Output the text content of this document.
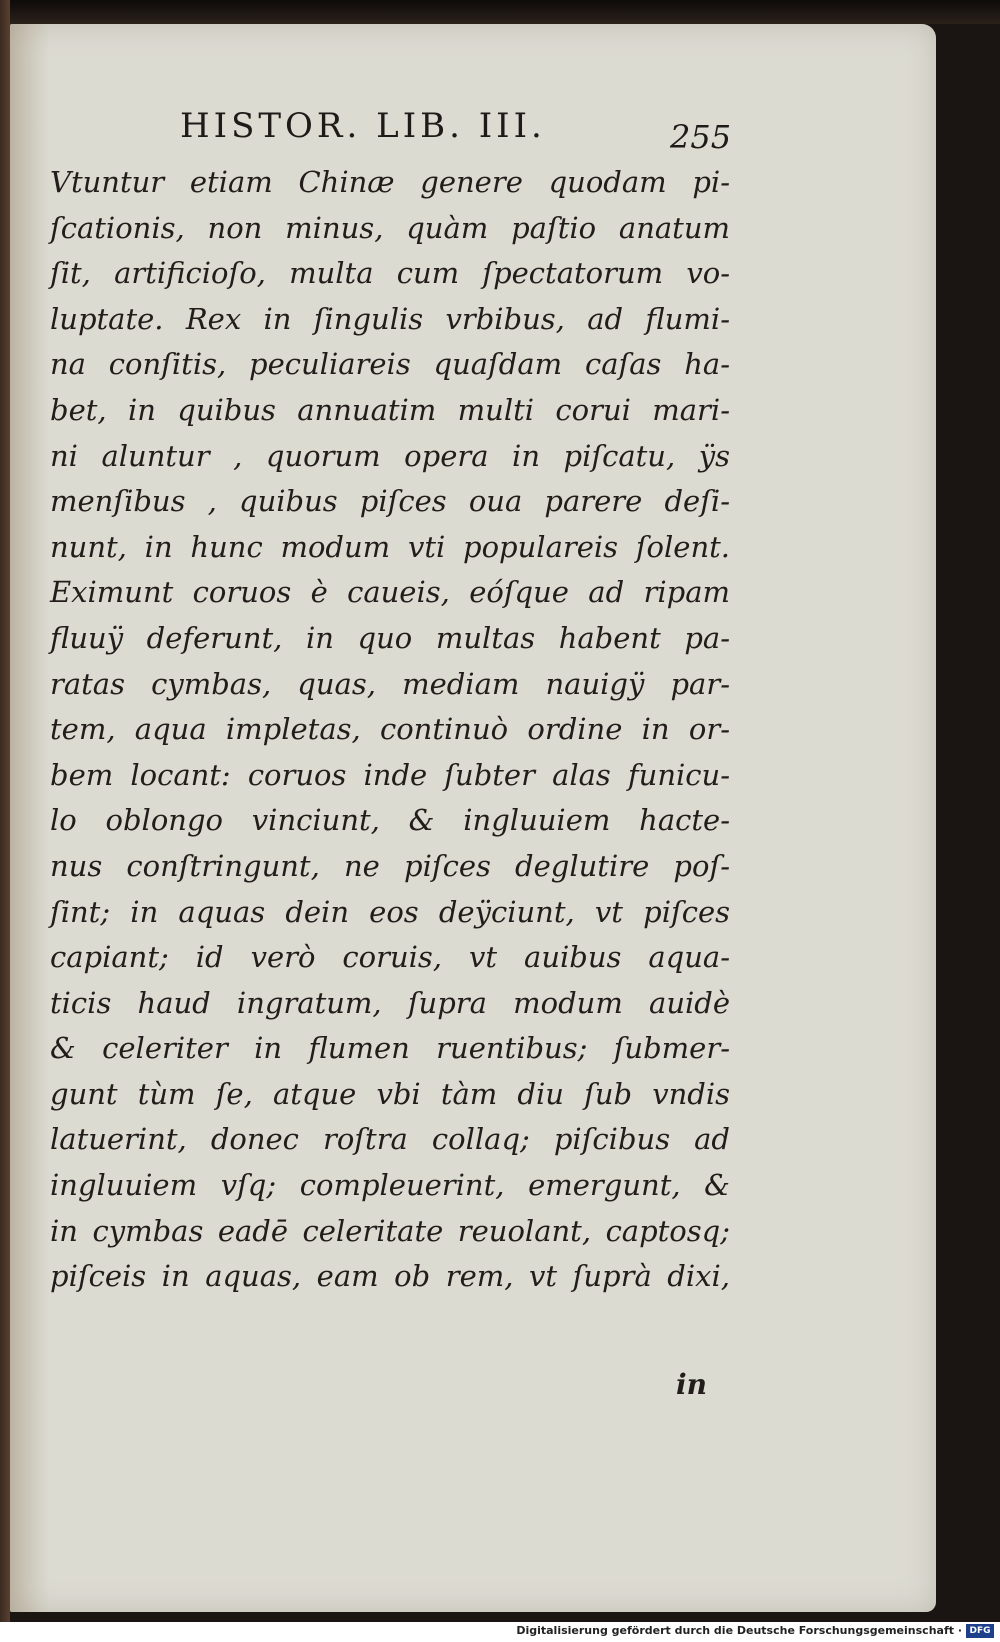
HISTOR. LIB. III.	255
Vtuntur etiam Chinæ genere quodam pi-
ſcationis, non minus, quàm paſtio anatum
ſit, artificioſo, multa cum ſpectatorum vo-
luptate. Rex in ſingulis vrbibus, ad flumi-
na conſitis, peculiareis quaſdam caſas ha-
bet, in quibus annuatim multi corui mari-
ni aluntur , quorum opera in piſcatu, ÿs
menſibus , quibus piſces oua parere deſi-
nunt, in hunc modum vti populareis ſolent.
Eximunt coruos è caueis, eóſque ad ripam
fluuÿ deferunt, in quo multas habent pa-
ratas cymbas, quas, mediam nauigÿ par-
tem, aqua impletas, continuò ordine in or-
bem locant: coruos inde ſubter alas funicu-
lo oblongo vinciunt, & ingluuiem hacte-
nus conſtringunt, ne piſces deglutire poſ-
ſint; in aquas dein eos deÿciunt, vt piſces
capiant; id verò coruis, vt auibus aqua-
ticis haud ingratum, ſupra modum auidè
& celeriter in flumen ruentibus; ſubmer-
gunt tùm ſe, atque vbi tàm diu ſub vndis
latuerint, donec roſtra collaq; piſcibus ad
ingluuiem vſq; compleuerint, emergunt, &
in cymbas eadē celeritate reuolant, captosq;
piſceis in aquas, eam ob rem, vt ſuprà dixi,
in
Digitalisierung gefördert durch die Deutsche Forschungsgemeinschaft · DFG
